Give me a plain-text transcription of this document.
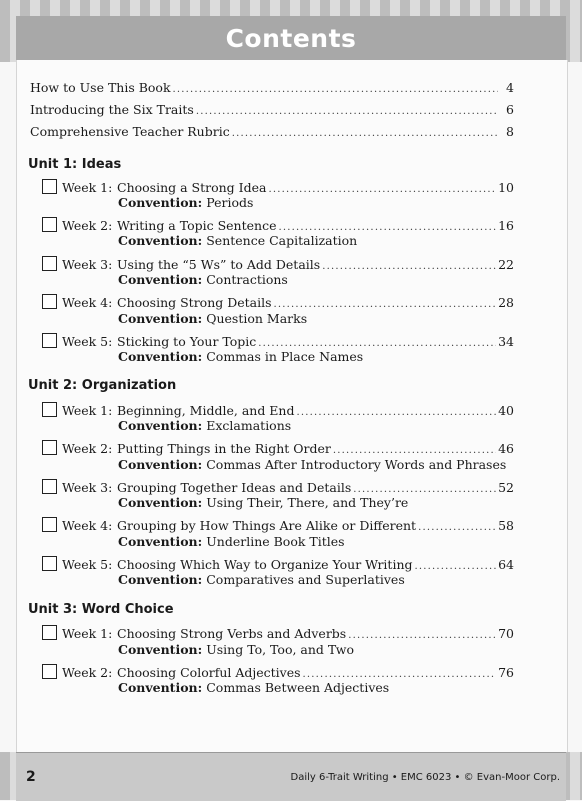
Contents
How to Use This Book .....	4
Introducing the Six Traits .....	6
Comprehensive Teacher Rubric .....	8
Unit 1: Ideas
Week 1: Choosing a Strong Idea .....	10
Convention: Periods
Week 2: Writing a Topic Sentence .....	16
Convention: Sentence Capitalization
Week 3: Using the “5 Ws” to Add Details .....	22
Convention: Contractions
Week 4: Choosing Strong Details .....	28
Convention: Question Marks
Week 5: Sticking to Your Topic .....	34
Convention: Commas in Place Names
Unit 2: Organization
Week 1: Beginning, Middle, and End .....	40
Convention: Exclamations
Week 2: Putting Things in the Right Order .....	46
Convention: Commas After Introductory Words and Phrases
Week 3: Grouping Together Ideas and Details .....	52
Convention: Using Their, There, and They’re
Week 4: Grouping by How Things Are Alike or Different .....	58
Convention: Underline Book Titles
Week 5: Choosing Which Way to Organize Your Writing .....	64
Convention: Comparatives and Superlatives
Unit 3: Word Choice
Week 1: Choosing Strong Verbs and Adverbs .....	70
Convention: Using To, Too, and Two
Week 2: Choosing Colorful Adjectives .....	76
Convention: Commas Between Adjectives
2	Daily 6-Trait Writing • EMC 6023 • © Evan-Moor Corp.
